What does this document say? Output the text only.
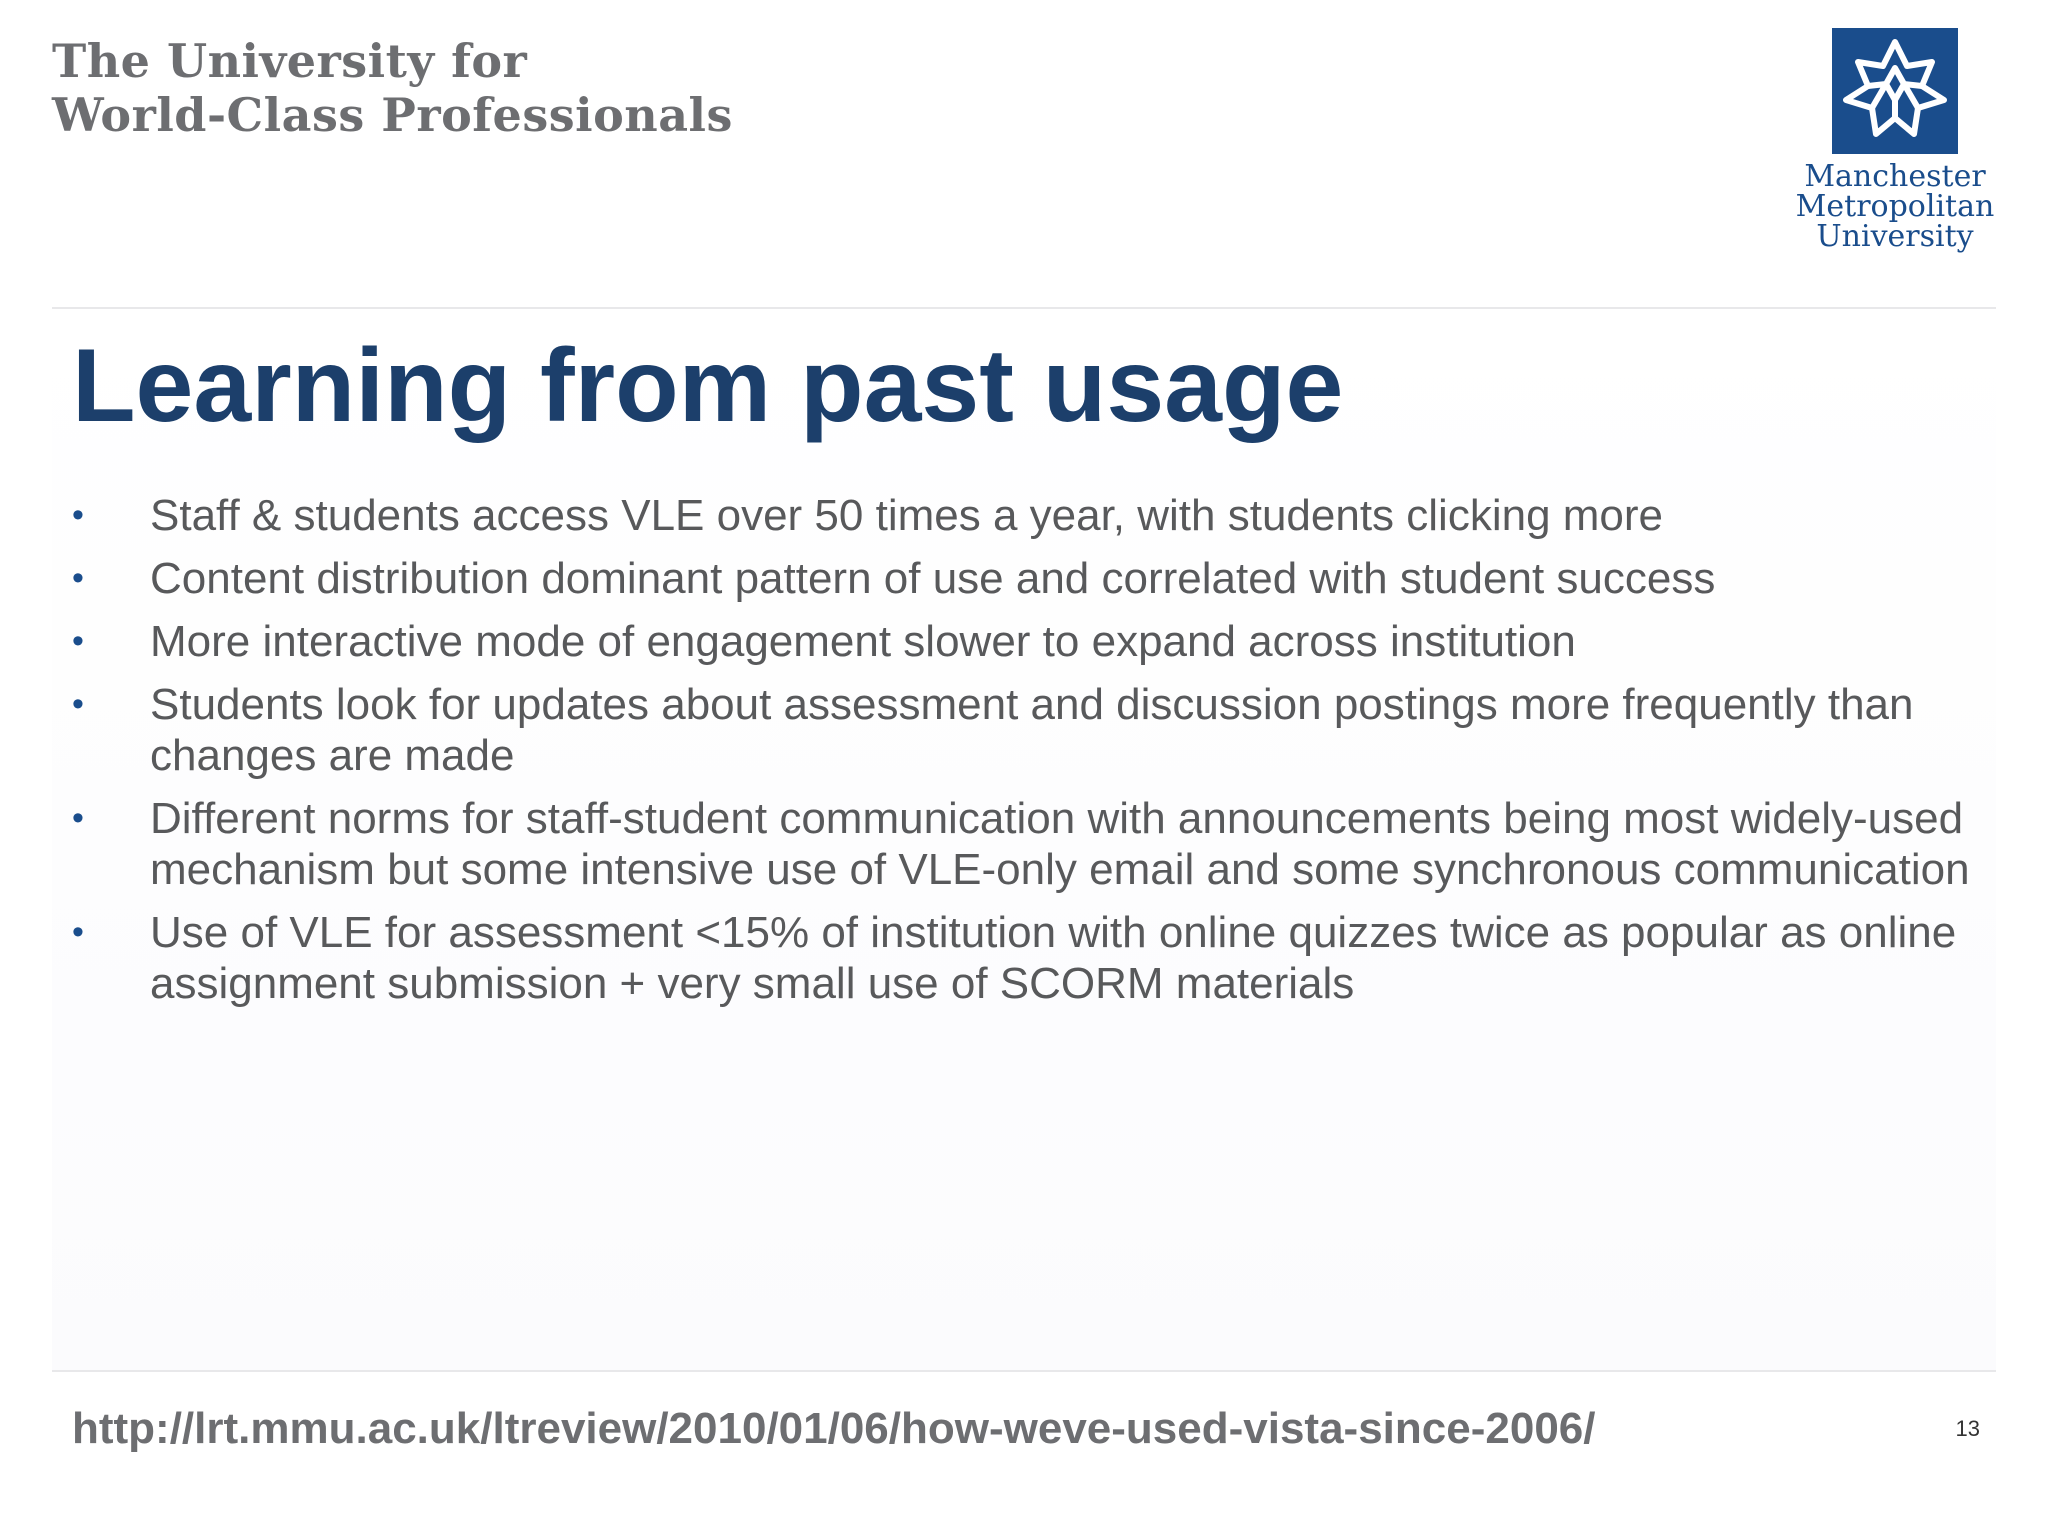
The University for
World-Class Professionals
Manchester
Metropolitan
University
Learning from past usage
• Staff & students access VLE over 50 times a year, with students clicking more
• Content distribution dominant pattern of use and correlated with student success
• More interactive mode of engagement slower to expand across institution
• Students look for updates about assessment and discussion postings more frequently than changes are made
• Different norms for staff-student communication with announcements being most widely-used mechanism but some intensive use of VLE-only email and some synchronous communication
• Use of VLE for assessment <15% of institution with online quizzes twice as popular as online assignment submission + very small use of SCORM materials
http://lrt.mmu.ac.uk/ltreview/2010/01/06/how-weve-used-vista-since-2006/	13
